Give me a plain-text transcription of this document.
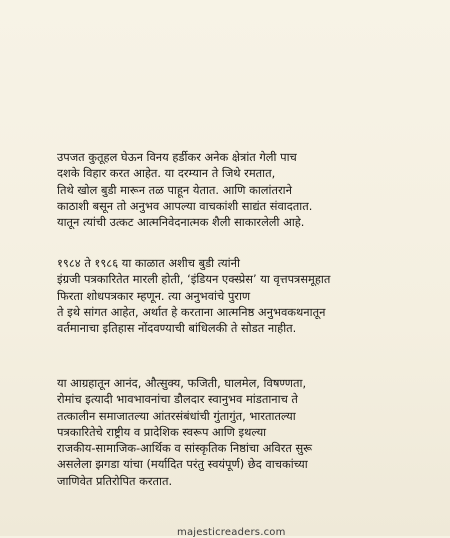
उपजत कुतूहल घेऊन विनय हर्डीकर अनेक क्षेत्रांत गेली पाच
दशके विहार करत आहेत. या दरम्यान ते जिथे रमतात,
तिथे खोल बुडी मारून तळ पाहून येतात. आणि कालांतराने
काठाशी बसून तो अनुभव आपल्या वाचकांशी साद्यंत संवादतात.
यातून त्यांची उत्कट आत्मनिवेदनात्मक शैली साकारलेली आहे.
१९८४ ते १९८६ या काळात अशीच बुडी त्यांनी
इंग्रजी पत्रकारितेत मारली होती, ‘इंडियन एक्स्प्रेस’ या वृत्तपत्रसमूहात
फिरता शोधपत्रकार म्हणून. त्या अनुभवांचे पुराण
ते इथे सांगत आहेत, अर्थात हे करताना आत्मनिष्ठ अनुभवकथनातून
वर्तमानाचा इतिहास नोंदवण्याची बांधिलकी ते सोडत नाहीत.
या आग्रहातून आनंद, औत्सुक्य, फजिती, घालमेल, विषण्णता,
रोमांच इत्यादी भावभावनांचा डौलदार स्वानुभव मांडतानाच ते
तत्कालीन समाजातल्या आंतरसंबंधांची गुंतागुंत, भारतातल्या
पत्रकारितेचे राष्ट्रीय व प्रादेशिक स्वरूप आणि इथल्या
राजकीय-सामाजिक-आर्थिक व सांस्कृतिक निष्ठांचा अविरत सुरू
असलेला झगडा यांचा (मर्यादित परंतु स्वयंपूर्ण) छेद वाचकांच्या
जाणिवेत प्रतिरोपित करतात.
majesticreaders.com
